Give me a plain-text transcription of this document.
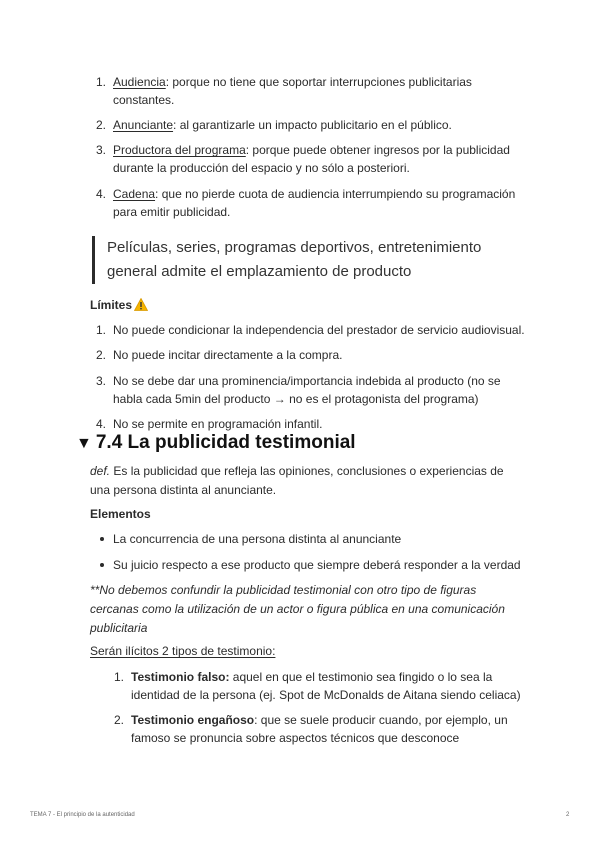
1. Audiencia: porque no tiene que soportar interrupciones publicitarias constantes.
2. Anunciante: al garantizarle un impacto publicitario en el público.
3. Productora del programa: porque puede obtener ingresos por la publicidad durante la producción del espacio y no sólo a posteriori.
4. Cadena: que no pierde cuota de audiencia interrumpiendo su programación para emitir publicidad.
Películas, series, programas deportivos, entretenimiento general admite el emplazamiento de producto
Límites
1. No puede condicionar la independencia del prestador de servicio audiovisual.
2. No puede incitar directamente a la compra.
3. No se debe dar una prominencia/importancia indebida al producto (no se habla cada 5min del producto → no es el protagonista del programa)
4. No se permite en programación infantil.
▼ 7.4 La publicidad testimonial
def. Es la publicidad que refleja las opiniones, conclusiones o experiencias de una persona distinta al anunciante.
Elementos
La concurrencia de una persona distinta al anunciante
Su juicio respecto a ese producto que siempre deberá responder a la verdad
**No debemos confundir la publicidad testimonial con otro tipo de figuras cercanas como la utilización de un actor o figura pública en una comunicación publicitaria
Serán ilícitos 2 tipos de testimonio:
1. Testimonio falso: aquel en que el testimonio sea fingido o lo sea la identidad de la persona (ej. Spot de McDonalds de Aitana siendo celiaca)
2. Testimonio engañoso: que se suele producir cuando, por ejemplo, un famoso se pronuncia sobre aspectos técnicos que desconoce
TEMA 7 - El principio de la autenticidad	2
